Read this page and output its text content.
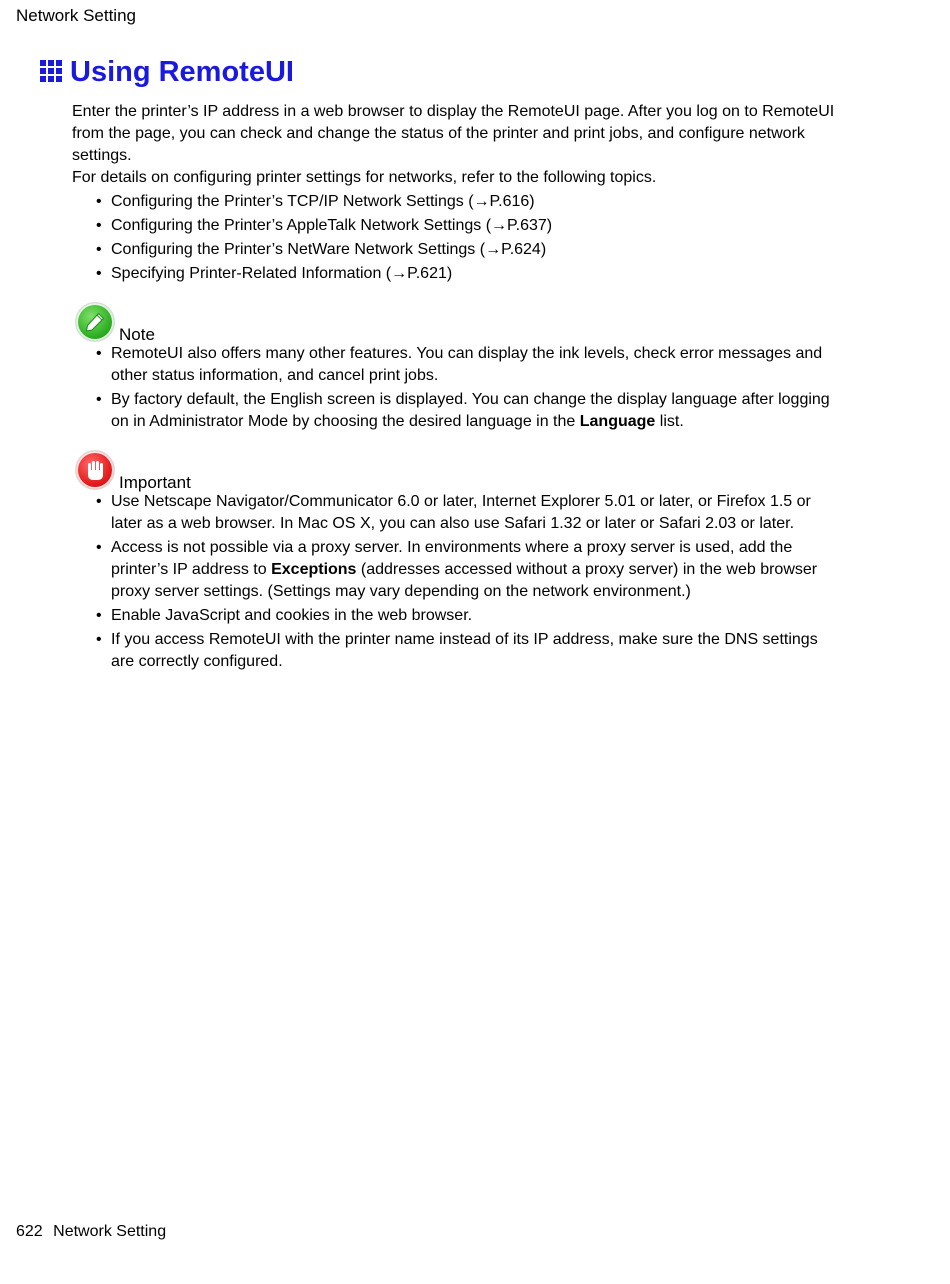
Network Setting
Using RemoteUI

Enter the printer’s IP address in a web browser to display the RemoteUI page. After you log on to RemoteUI from the page, you can check and change the status of the printer and print jobs, and configure network settings.

For details on configuring printer settings for networks, refer to the following topics.

• Configuring the Printer’s TCP/IP Network Settings (→P.616)
• Configuring the Printer’s AppleTalk Network Settings (→P.637)
• Configuring the Printer’s NetWare Network Settings (→P.624)
• Specifying Printer-Related Information (→P.621)
Note
• RemoteUI also offers many other features. You can display the ink levels, check error messages and other status information, and cancel print jobs.
• By factory default, the English screen is displayed. You can change the display language after logging on in Administrator Mode by choosing the desired language in the Language list.
Important
• Use Netscape Navigator/Communicator 6.0 or later, Internet Explorer 5.01 or later, or Firefox 1.5 or later as a web browser. In Mac OS X, you can also use Safari 1.32 or later or Safari 2.03 or later.
• Access is not possible via a proxy server. In environments where a proxy server is used, add the printer’s IP address to Exceptions (addresses accessed without a proxy server) in the web browser proxy server settings. (Settings may vary depending on the network environment.)
• Enable JavaScript and cookies in the web browser.
• If you access RemoteUI with the printer name instead of its IP address, make sure the DNS settings are correctly configured.
622 Network Setting
